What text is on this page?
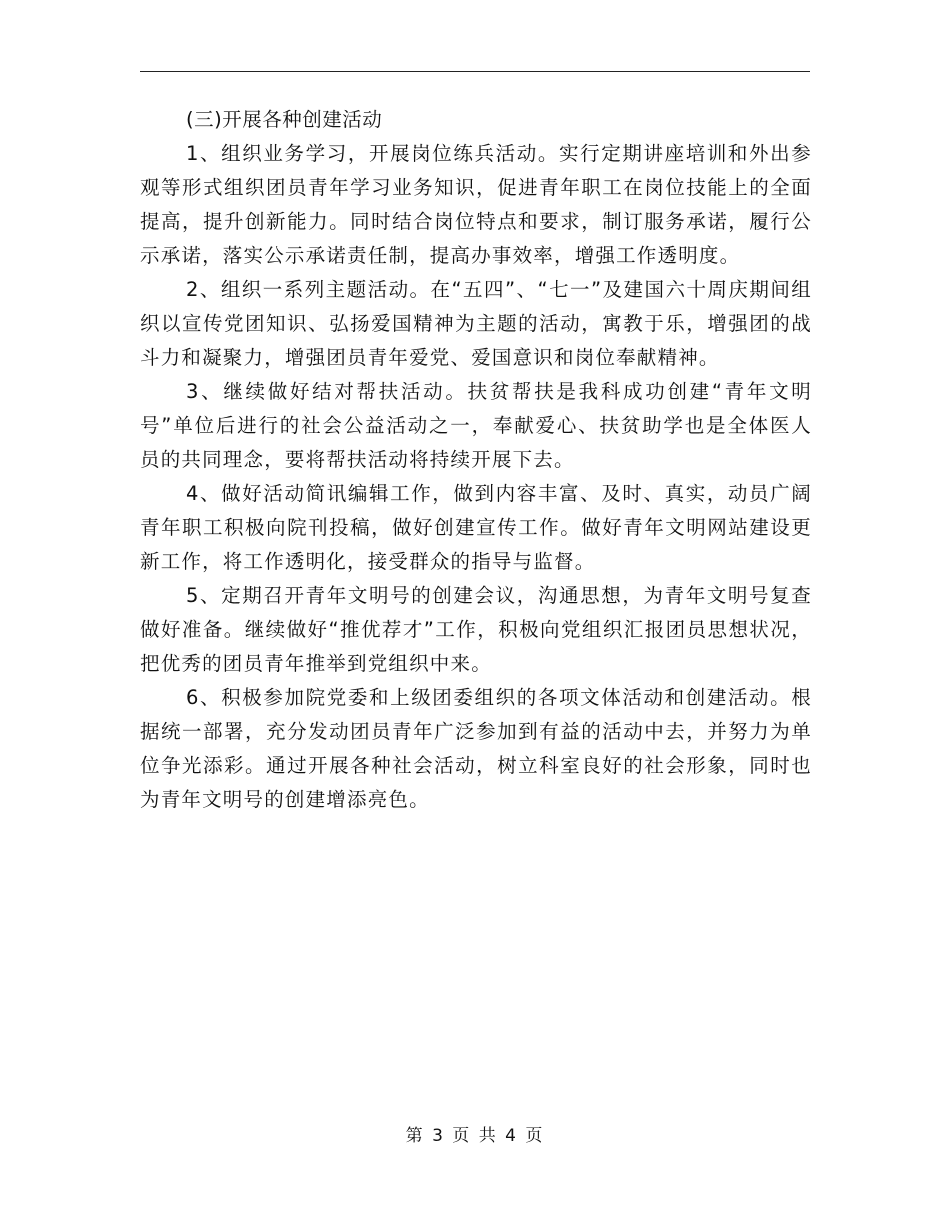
(三)开展各种创建活动

1、组织业务学习，开展岗位练兵活动。实行定期讲座培训和外出参观等形式组织团员青年学习业务知识，促进青年职工在岗位技能上的全面提高，提升创新能力。同时结合岗位特点和要求，制订服务承诺，履行公示承诺，落实公示承诺责任制，提高办事效率，增强工作透明度。

2、组织一系列主题活动。在“五四”、“七一”及建国六十周庆期间组织以宣传党团知识、弘扬爱国精神为主题的活动，寓教于乐，增强团的战斗力和凝聚力，增强团员青年爱党、爱国意识和岗位奉献精神。

3、继续做好结对帮扶活动。扶贫帮扶是我科成功创建“青年文明号”单位后进行的社会公益活动之一，奉献爱心、扶贫助学也是全体医人员的共同理念，要将帮扶活动将持续开展下去。

4、做好活动简讯编辑工作，做到内容丰富、及时、真实，动员广阔青年职工积极向院刊投稿，做好创建宣传工作。做好青年文明网站建设更新工作，将工作透明化，接受群众的指导与监督。

5、定期召开青年文明号的创建会议，沟通思想，为青年文明号复查做好准备。继续做好“推优荐才”工作，积极向党组织汇报团员思想状况，把优秀的团员青年推举到党组织中来。

6、积极参加院党委和上级团委组织的各项文体活动和创建活动。根据统一部署，充分发动团员青年广泛参加到有益的活动中去，并努力为单位争光添彩。通过开展各种社会活动，树立科室良好的社会形象，同时也为青年文明号的创建增添亮色。

第 3 页 共 4 页
